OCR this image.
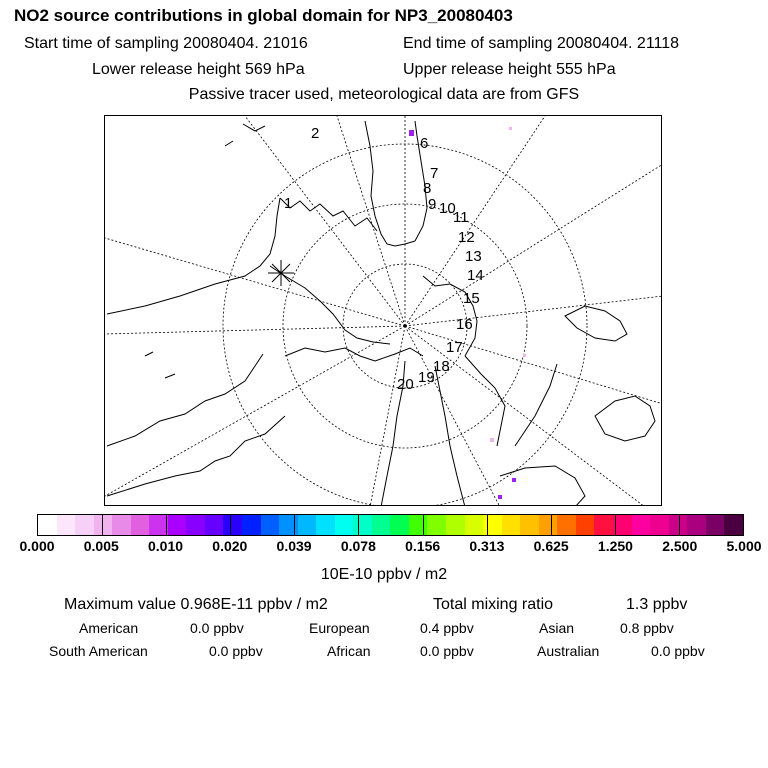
NO2 source contributions in global domain for NP3_20080403
Start time of sampling 20080404. 21016	End time of sampling 20080404. 21118
Lower release height 569 hPa	Upper release height 555 hPa
Passive tracer used, meteorological data are from GFS
1
2
6
7
8
9 10
11
12
13
14
15
16
17
18
19
20
0.000 0.005 0.010 0.020 0.039 0.078 0.156 0.313 0.625 1.250 2.500 5.000
10E-10 ppbv / m2
Maximum value 0.968E-11 ppbv / m2	Total mixing ratio	1.3 ppbv
American	0.0 ppbv	European	0.4 ppbv	Asian	0.8 ppbv
South American	0.0 ppbv	African	0.0 ppbv	Australian	0.0 ppbv
